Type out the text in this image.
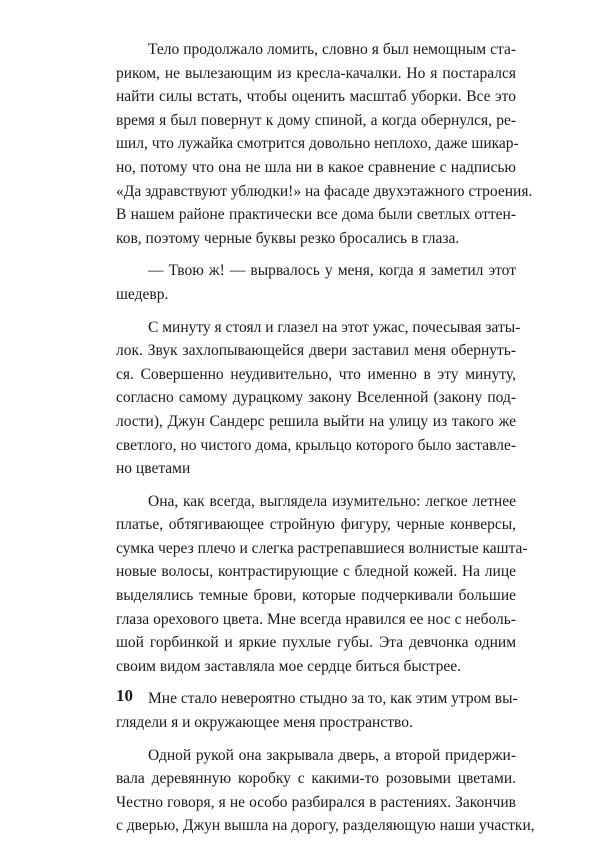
Тело продолжало ломить, словно я был немощным ста-
риком, не вылезающим из кресла-качалки. Но я постарался
найти силы встать, чтобы оценить масштаб уборки. Все это
время я был повернут к дому спиной, а когда обернулся, ре-
шил, что лужайка смотрится довольно неплохо, даже шикар-
но, потому что она не шла ни в какое сравнение с надписью
«Да здравствуют ублюдки!» на фасаде двухэтажного строения.
В нашем районе практически все дома были светлых оттен-
ков, поэтому черные буквы резко бросались в глаза.
— Твою ж! — вырвалось у меня, когда я заметил этот
шедевр.
С минуту я стоял и глазел на этот ужас, почесывая заты-
лок. Звук захлопывающейся двери заставил меня обернуть-
ся. Совершенно неудивительно, что именно в эту минуту,
согласно самому дурацкому закону Вселенной (закону под-
лости), Джун Сандерс решила выйти на улицу из такого же
светлого, но чистого дома, крыльцо которого было заставле-
но цветами
Она, как всегда, выглядела изумительно: легкое летнее
платье, обтягивающее стройную фигуру, черные конверсы,
сумка через плечо и слегка растрепавшиеся волнистые кашта-
новые волосы, контрастирующие с бледной кожей. На лице
выделялись темные брови, которые подчеркивали большие
глаза орехового цвета. Мне всегда нравился ее нос с неболь-
шой горбинкой и яркие пухлые губы. Эта девчонка одним
своим видом заставляла мое сердце биться быстрее.
Мне стало невероятно стыдно за то, как этим утром вы-
глядели я и окружающее меня пространство.
Одной рукой она закрывала дверь, а второй придержи-
вала деревянную коробку с какими-то розовыми цветами.
Честно говоря, я не особо разбирался в растениях. Закончив
с дверью, Джун вышла на дорогу, разделяющую наши участки,
10
